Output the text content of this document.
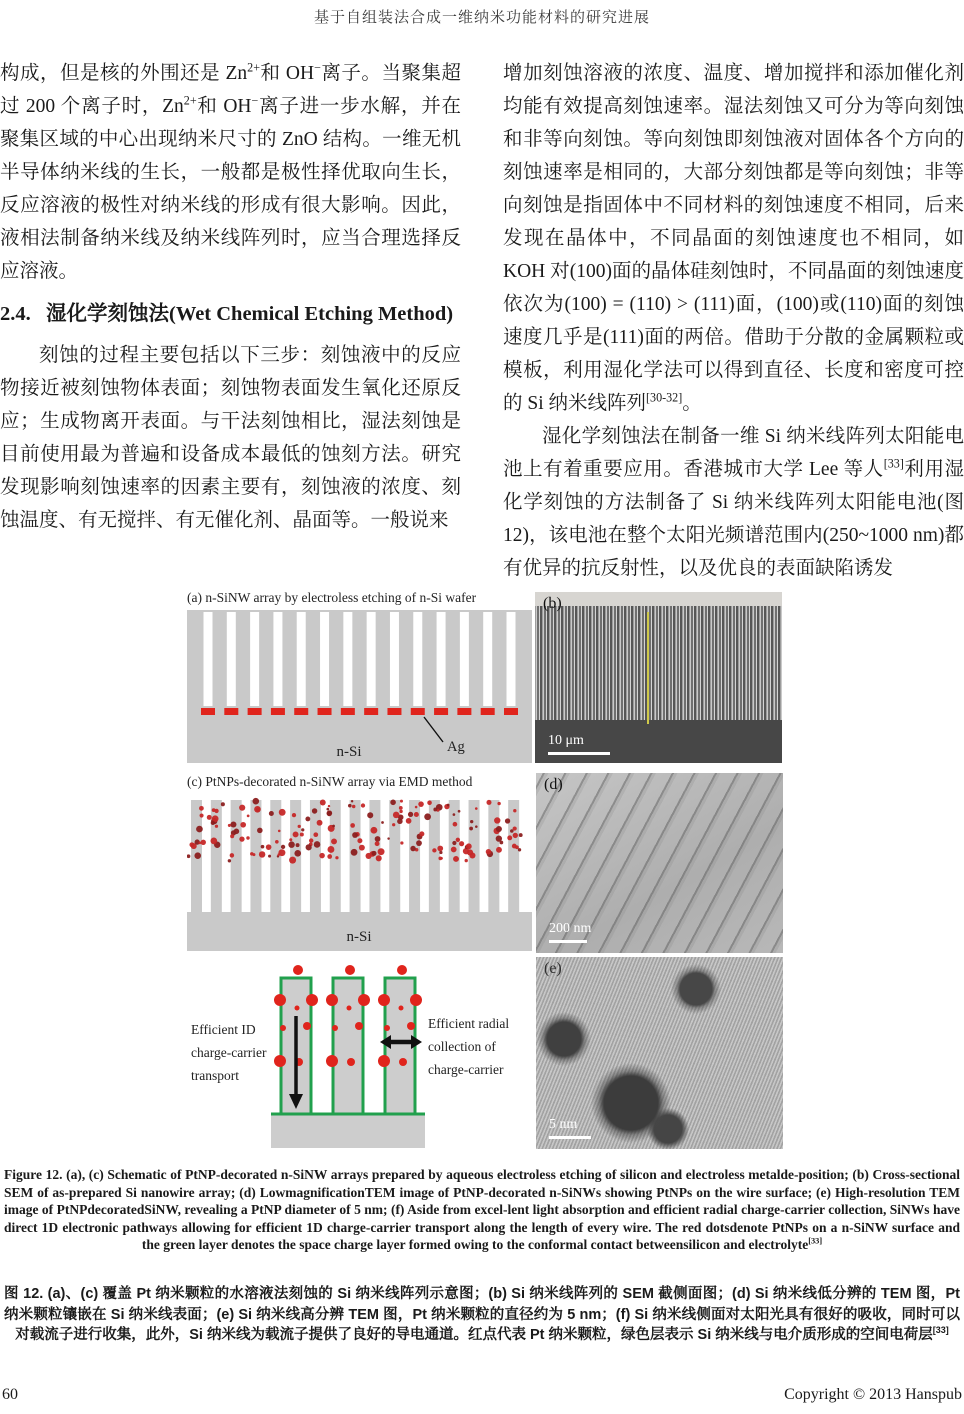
基于自组装法合成一维纳米功能材料的研究进展

构成，但是核的外围还是 $Zn^{2+}$和 OH−离子。当聚集超过 200 个离子时，$Zn^{2+}$和 OH−离子进一步水解，并在聚集区域的中心出现纳米尺寸的 ZnO 结构。一维无机半导体纳米线的生长，一般都是极性择优取向生长，反应溶液的极性对纳米线的形成有很大影响。因此，液相法制备纳米线及纳米线阵列时，应当合理选择反应溶液。

2.4. 湿化学刻蚀法(Wet Chemical Etching Method)

刻蚀的过程主要包括以下三步：刻蚀液中的反应物接近被刻蚀物体表面；刻蚀物表面发生氧化还原反应；生成物离开表面。与干法刻蚀相比，湿法刻蚀是目前使用最为普遍和设备成本最低的蚀刻方法。研究发现影响刻蚀速率的因素主要有，刻蚀液的浓度、刻蚀温度、有无搅拌、有无催化剂、晶面等。一般说来

增加刻蚀溶液的浓度、温度、增加搅拌和添加催化剂均能有效提高刻蚀速率。湿法刻蚀又可分为等向刻蚀和非等向刻蚀。等向刻蚀即刻蚀液对固体各个方向的刻蚀速率是相同的，大部分刻蚀都是等向刻蚀；非等向刻蚀是指固体中不同材料的刻蚀速度不相同，后来发现在晶体中，不同晶面的刻蚀速度也不相同，如 KOH 对(100)面的晶体硅刻蚀时，不同晶面的刻蚀速度依次为(100) = (110) > (111)面，(100)或(110)面的刻蚀速度几乎是(111)面的两倍。借助于分散的金属颗粒或模板，利用湿化学法可以得到直径、长度和密度可控的 Si 纳米线阵列[30-32]。

湿化学刻蚀法在制备一维 Si 纳米线阵列太阳能电池上有着重要应用。香港城市大学 Lee 等人[33]利用湿化学刻蚀的方法制备了 Si 纳米线阵列太阳能电池(图 12)，该电池在整个太阳光频谱范围内(250~1000 nm)都有优异的抗反射性，以及优良的表面缺陷诱发

(a) n-SiNW array by electroless etching of n-Si wafer
n-Si	Ag
(c) PtNPs-decorated n-SiNW array via EMD method
n-Si
Efficient ID
charge-carrier
transport
Efficient radial
collection of
charge-carrier
(b)
10 μm
(d)
200 nm
(e)
5 nm
Figure 12. (a), (c) Schematic of PtNP-decorated n-SiNW arrays prepared by aqueous electroless etching of silicon and electroless metalde-position; (b) Cross-sectional SEM of as-prepared Si nanowire array; (d) LowmagnificationTEM image of PtNP-decorated n-SiNWs showing PtNPs on the wire surface; (e) High-resolution TEM image of PtNPdecoratedSiNW, revealing a PtNP diameter of 5 nm; (f) Aside from excel-lent light absorption and efficient radial charge-carrier collection, SiNWs have direct 1D electronic pathways allowing for efficient 1D charge-carrier transport along the length of every wire. The red dotsdenote PtNPs on a n-SiNW surface and the green layer denotes the space charge layer formed owing to the conformal contact betweensilicon and electrolyte[33]
图 12. (a)、(c) 覆盖 Pt 纳米颗粒的水溶液法刻蚀的 Si 纳米线阵列示意图；(b) Si 纳米线阵列的 SEM 截侧面图；(d) Si 纳米线低分辨的 TEM 图，Pt 纳米颗粒镶嵌在 Si 纳米线表面；(e) Si 纳米线高分辨 TEM 图，Pt 纳米颗粒的直径约为 5 nm；(f) Si 纳米线侧面对太阳光具有很好的吸收，同时可以对载流子进行收集，此外，Si 纳米线为载流子提供了良好的导电通道。红点代表 Pt 纳米颗粒，绿色层表示 Si 纳米线与电介质形成的空间电荷层[33]
60	Copyright © 2013 Hanspub
